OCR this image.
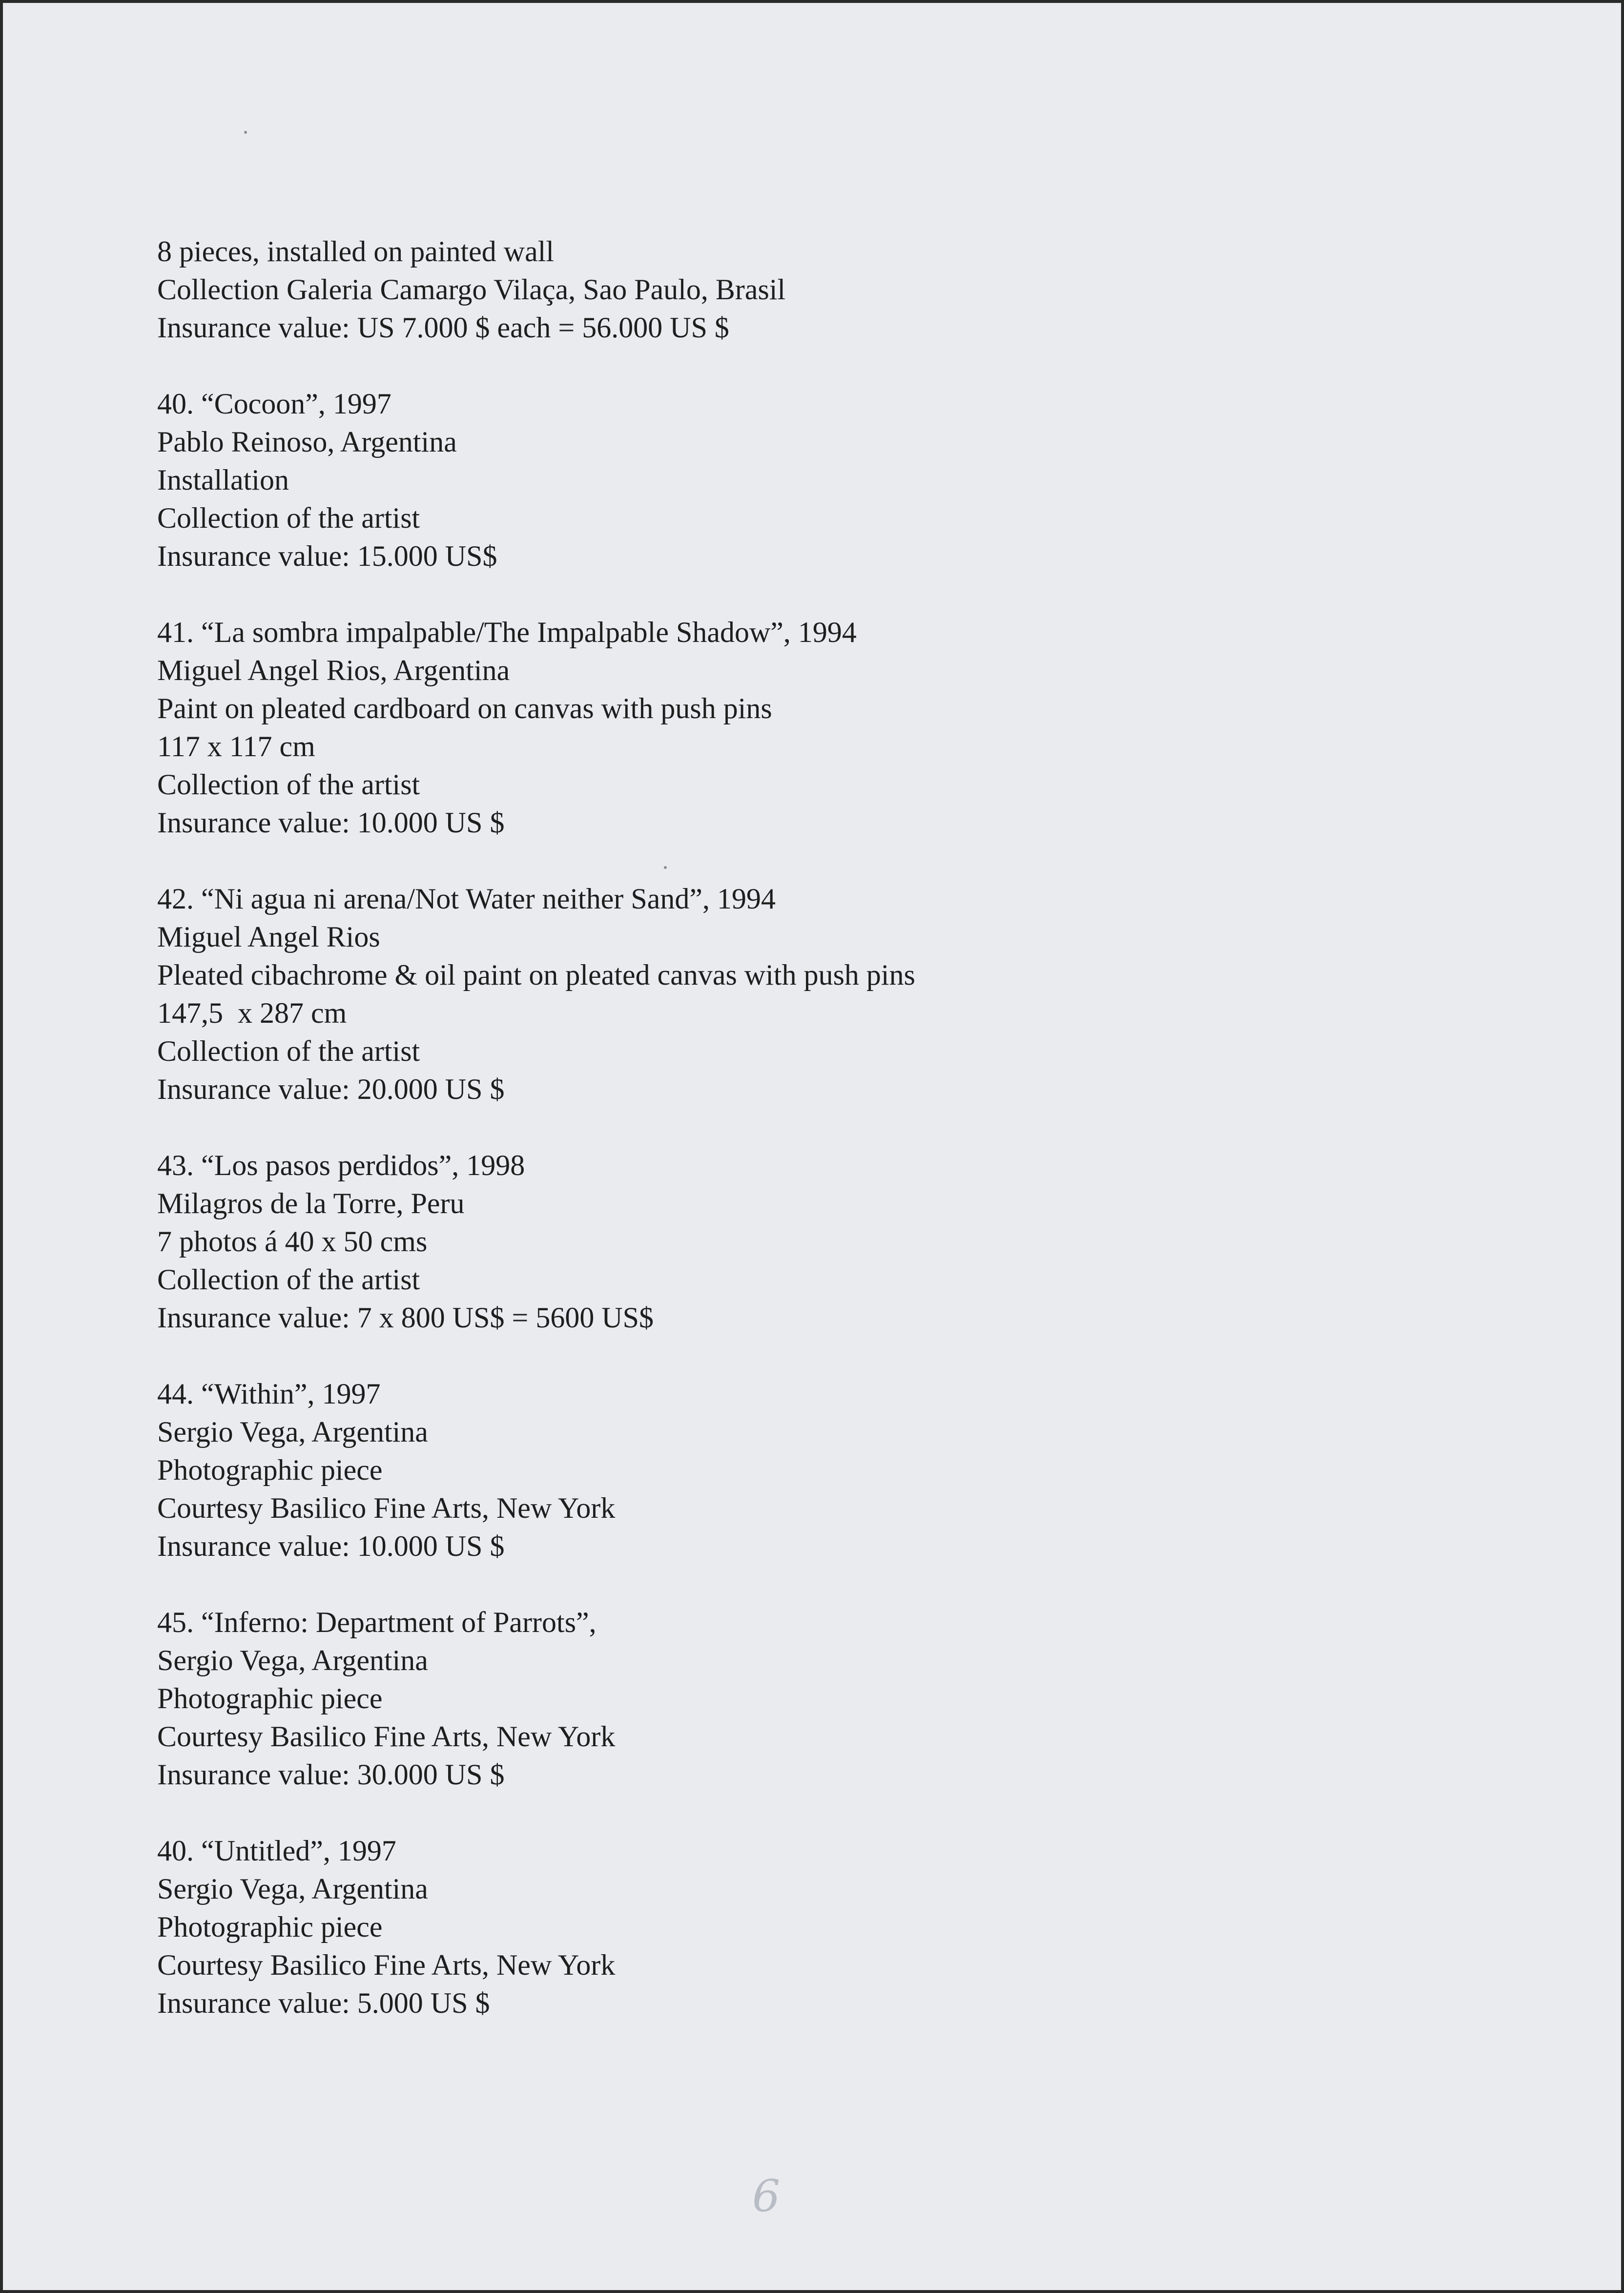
8 pieces, installed on painted wall
Collection Galeria Camargo Vilaça, Sao Paulo, Brasil
Insurance value: US 7.000 $ each = 56.000 US $
40. “Cocoon”, 1997
Pablo Reinoso, Argentina
Installation
Collection of the artist
Insurance value: 15.000 US$
41. “La sombra impalpable/The Impalpable Shadow”, 1994
Miguel Angel Rios, Argentina
Paint on pleated cardboard on canvas with push pins
117 x 117 cm
Collection of the artist
Insurance value: 10.000 US $
42. “Ni agua ni arena/Not Water neither Sand”, 1994
Miguel Angel Rios
Pleated cibachrome & oil paint on pleated canvas with push pins
147,5  x 287 cm
Collection of the artist
Insurance value: 20.000 US $
43. “Los pasos perdidos”, 1998
Milagros de la Torre, Peru
7 photos á 40 x 50 cms
Collection of the artist
Insurance value: 7 x 800 US$ = 5600 US$
44. “Within”, 1997
Sergio Vega, Argentina
Photographic piece
Courtesy Basilico Fine Arts, New York
Insurance value: 10.000 US $
45. “Inferno: Department of Parrots”,
Sergio Vega, Argentina
Photographic piece
Courtesy Basilico Fine Arts, New York
Insurance value: 30.000 US $
40. “Untitled”, 1997
Sergio Vega, Argentina
Photographic piece
Courtesy Basilico Fine Arts, New York
Insurance value: 5.000 US $
6
